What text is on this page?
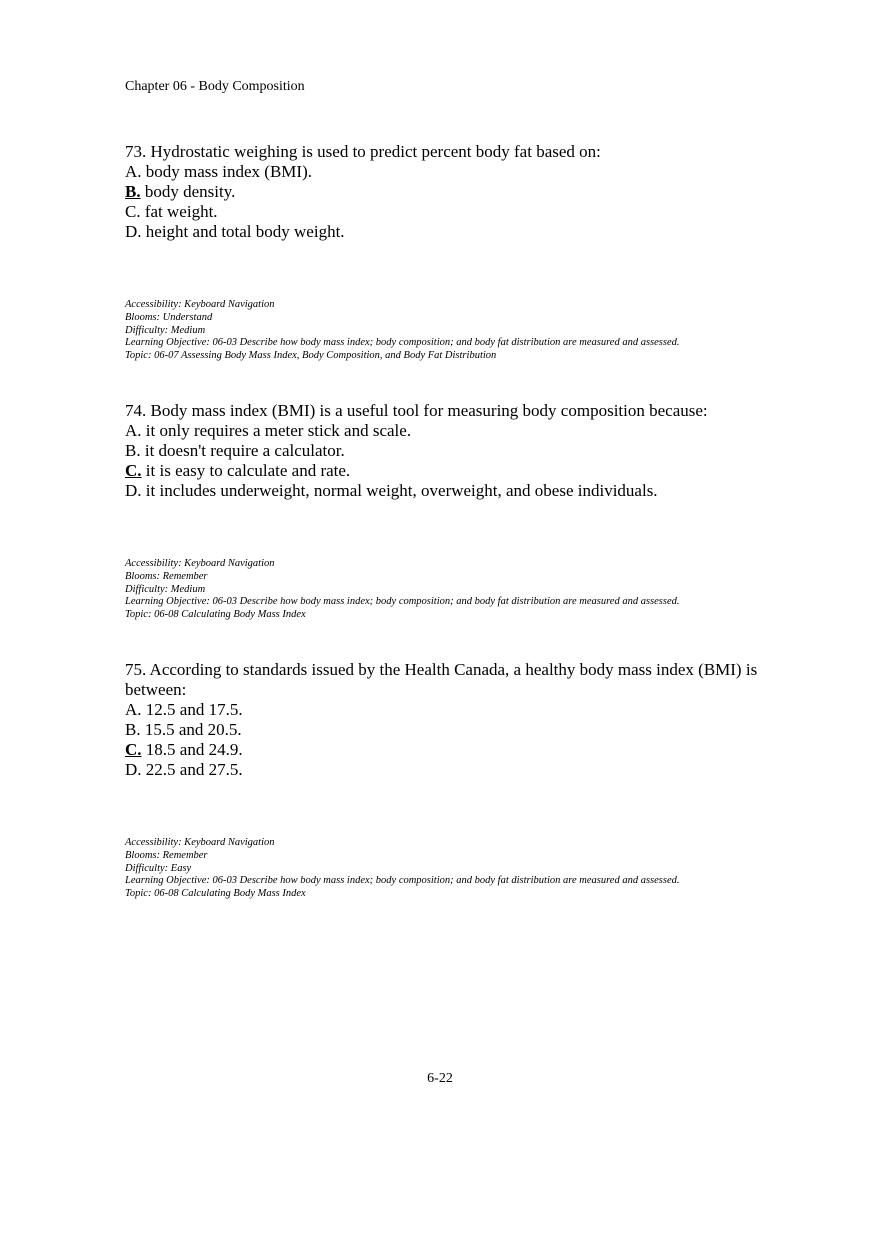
Chapter 06 - Body Composition

73. Hydrostatic weighing is used to predict percent body fat based on:

A. body mass index (BMI).

B. body density.

C. fat weight.

D. height and total body weight.

Accessibility: Keyboard Navigation
Blooms: Understand
Difficulty: Medium
Learning Objective: 06-03 Describe how body mass index; body composition; and body fat distribution are measured and assessed.
Topic: 06-07 Assessing Body Mass Index, Body Composition, and Body Fat Distribution

74. Body mass index (BMI) is a useful tool for measuring body composition because:

A. it only requires a meter stick and scale.

B. it doesn't require a calculator.

C. it is easy to calculate and rate.

D. it includes underweight, normal weight, overweight, and obese individuals.

Accessibility: Keyboard Navigation
Blooms: Remember
Difficulty: Medium
Learning Objective: 06-03 Describe how body mass index; body composition; and body fat distribution are measured and assessed.
Topic: 06-08 Calculating Body Mass Index

75. According to standards issued by the Health Canada, a healthy body mass index (BMI) is between:

A. 12.5 and 17.5.

B. 15.5 and 20.5.

C. 18.5 and 24.9.

D. 22.5 and 27.5.

Accessibility: Keyboard Navigation
Blooms: Remember
Difficulty: Easy
Learning Objective: 06-03 Describe how body mass index; body composition; and body fat distribution are measured and assessed.
Topic: 06-08 Calculating Body Mass Index
6-22
